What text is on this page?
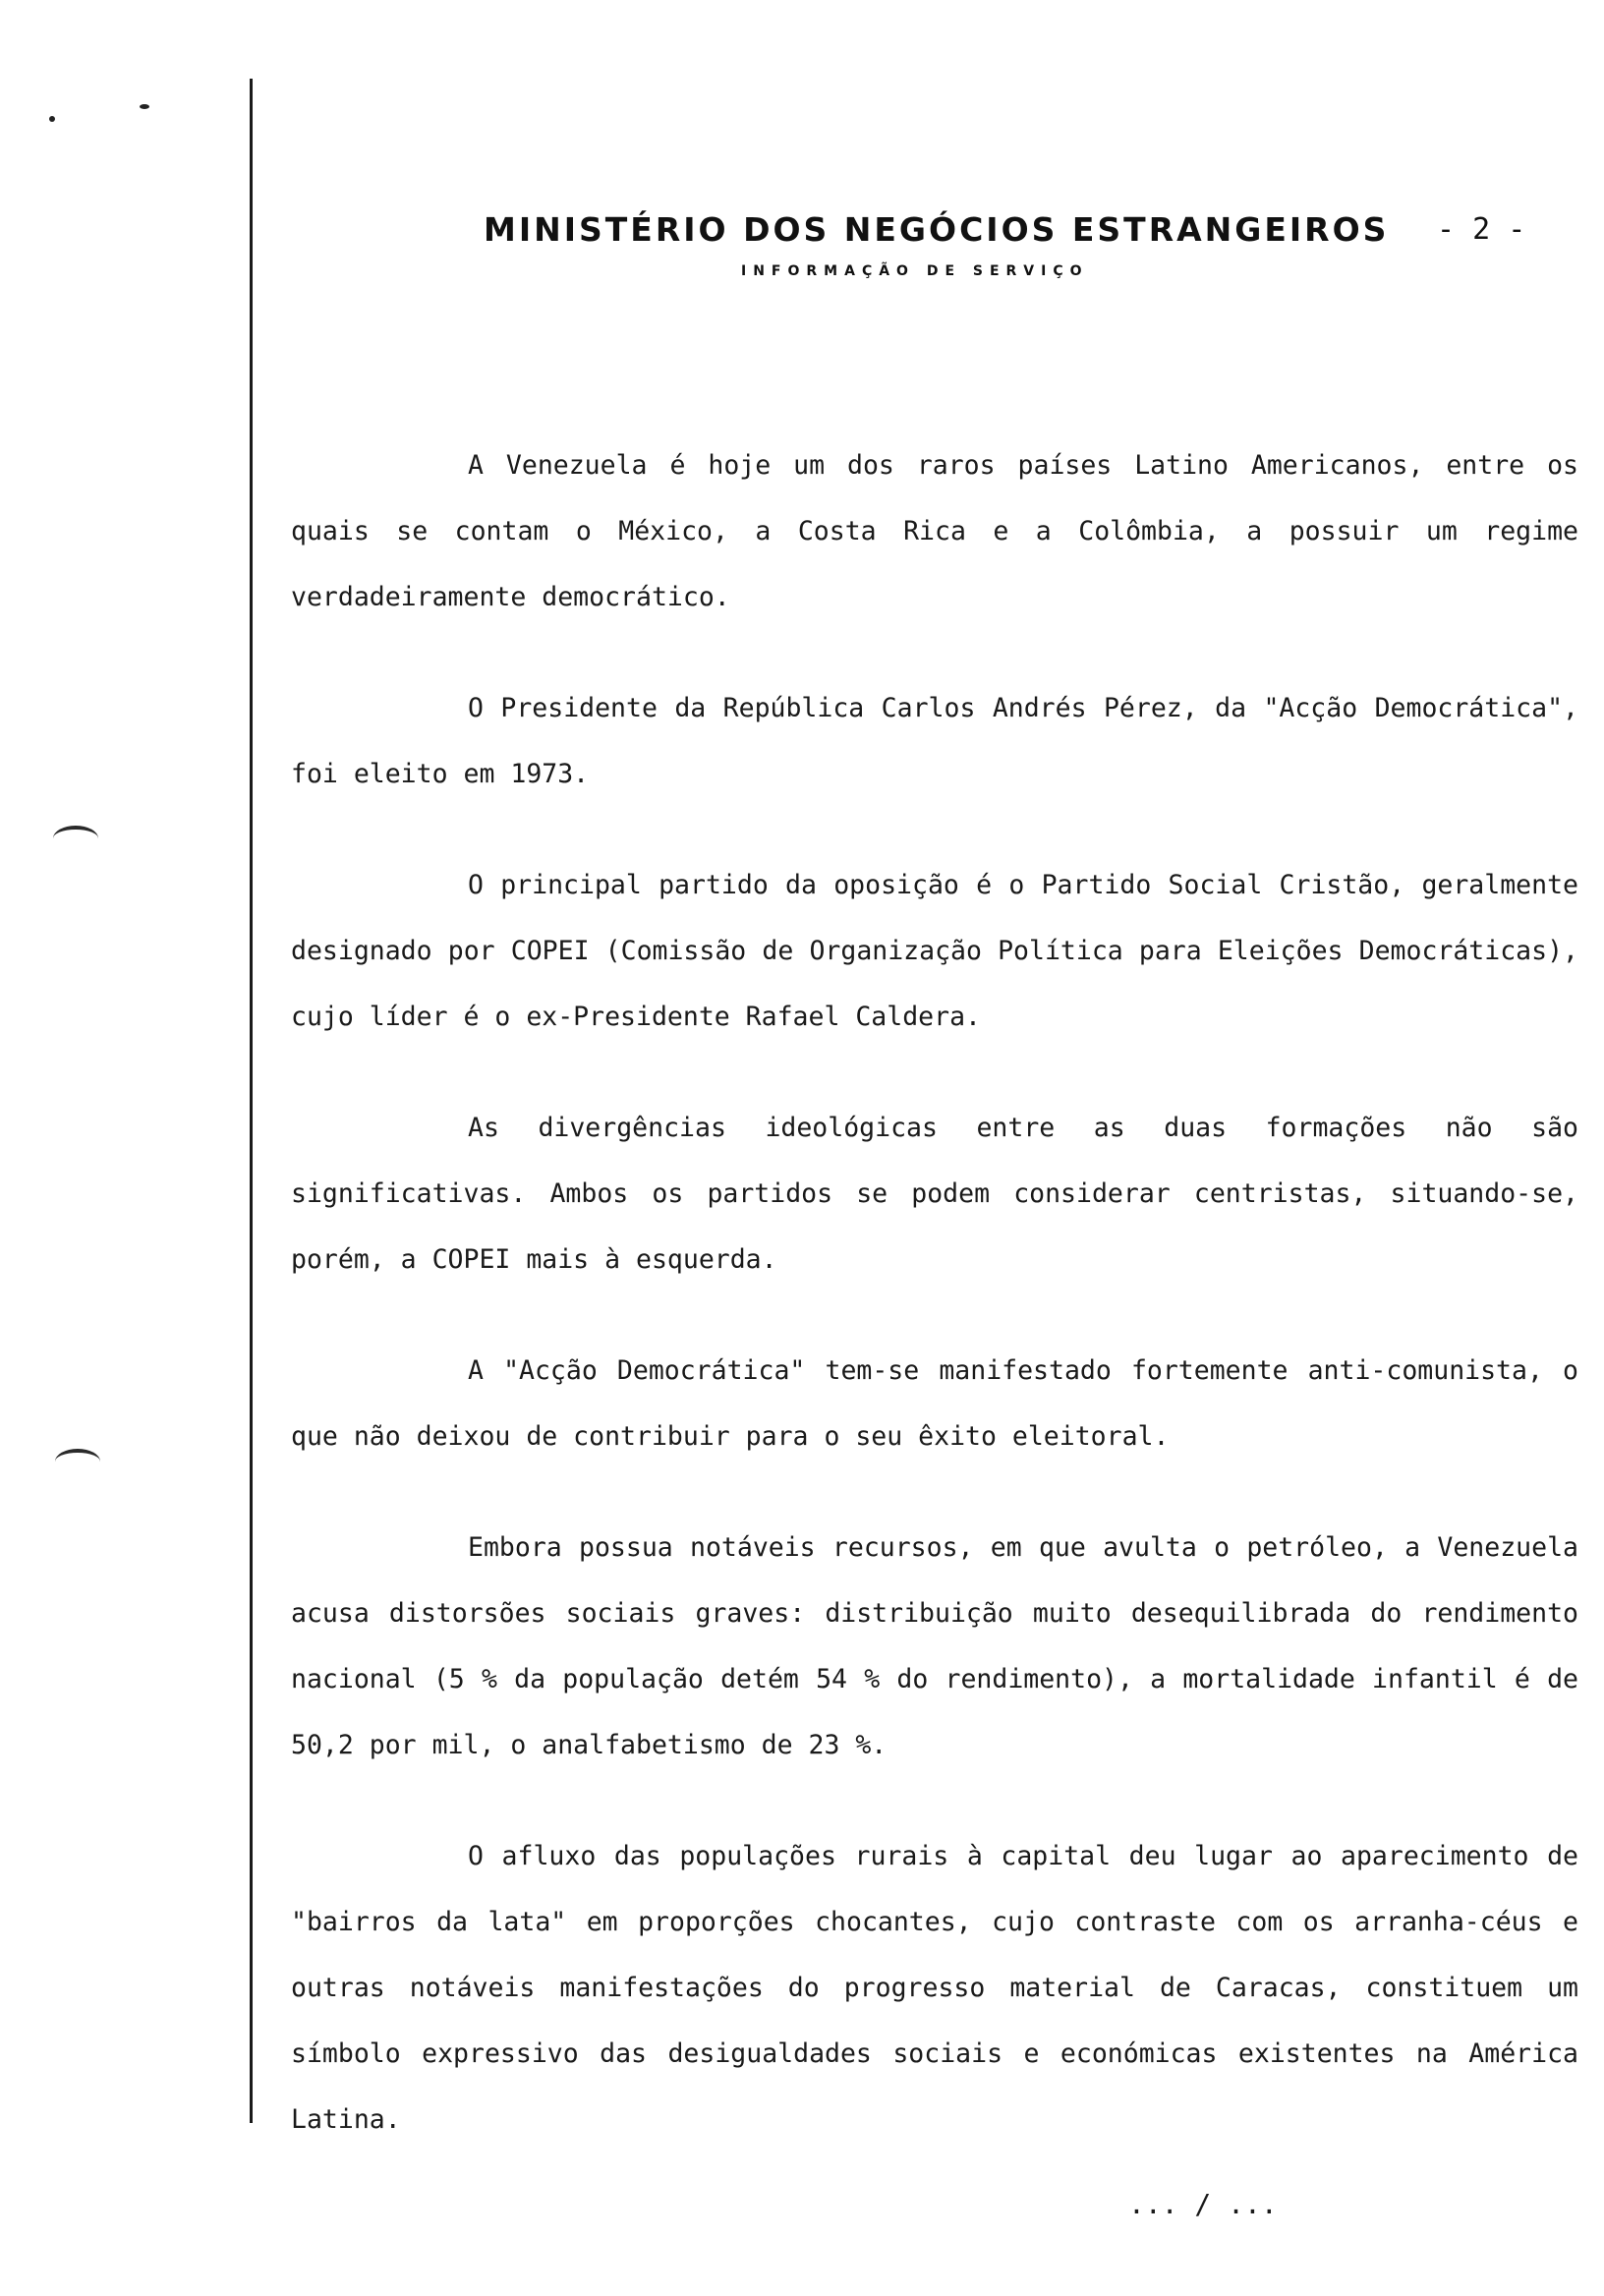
MINISTÉRIO DOS NEGÓCIOS ESTRANGEIROS - 2 -
INFORMAÇÃO DE SERVIÇO

A Venezuela é hoje um dos raros países Latino Americanos, entre os quais se contam o México, a Costa Rica e a Colômbia, a possuir um regime verdadeiramente democrático.

O Presidente da República Carlos Andrés Pérez, da "Acção Democrática", foi eleito em 1973.

O principal partido da oposição é o Partido Social Cristão, geralmente designado por COPEI (Comissão de Organização Política para Eleições Democráticas), cujo líder é o ex-Presidente Rafael Caldera.

As divergências ideológicas entre as duas formações não são significativas. Ambos os partidos se podem considerar centristas, situando-se, porém, a COPEI mais à esquerda.

A "Acção Democrática" tem-se manifestado fortemente anti-comunista, o que não deixou de contribuir para o seu êxito eleitoral.

Embora possua notáveis recursos, em que avulta o petróleo, a Venezuela acusa distorsões sociais graves: distribuição muito desequilibrada do rendimento nacional (5 % da população detém 54 % do rendimento), a mortalidade infantil é de 50,2 por mil, o analfabetismo de 23 %.

O afluxo das populações rurais à capital deu lugar ao aparecimento de "bairros da lata" em proporções chocantes, cujo contraste com os arranha-céus e outras notáveis manifestações do progresso material de Caracas, constituem um símbolo expressivo das desigualdades sociais e económicas existentes na América Latina.

... / ...
